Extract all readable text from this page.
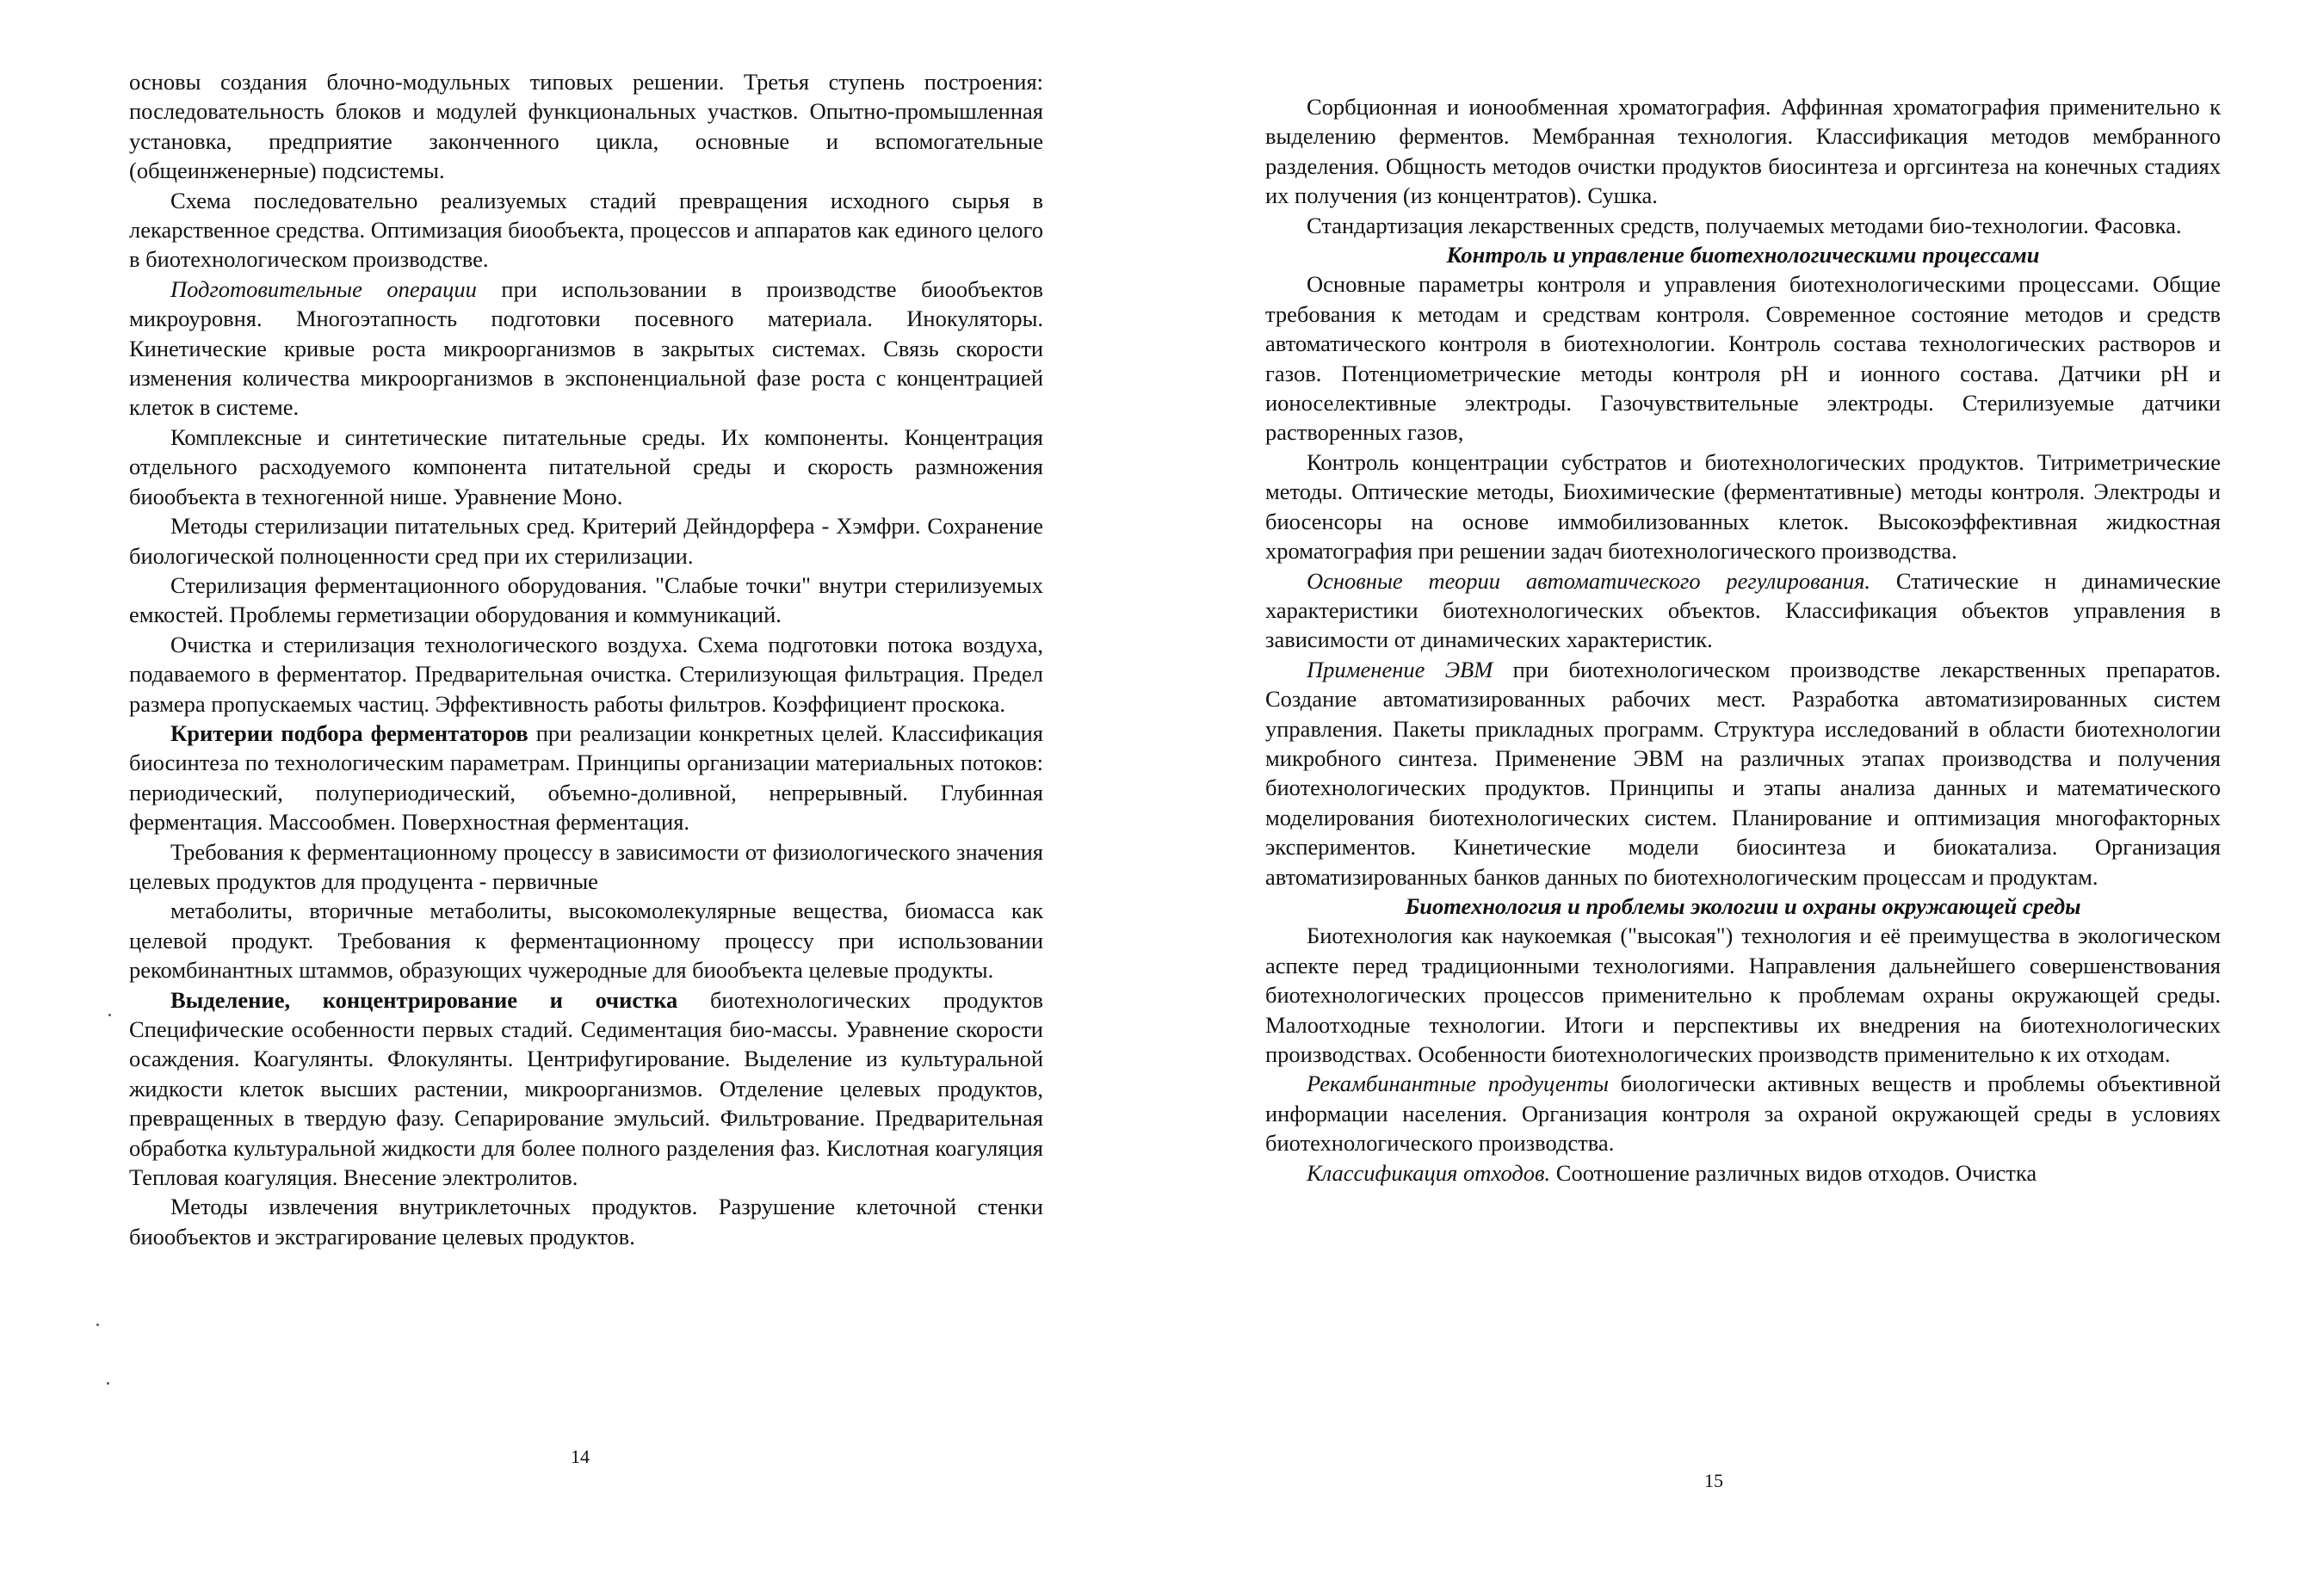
основы создания блочно-модульных типовых решении. Третья ступень построения: последовательность блоков и модулей функциональных участков. Опытно-промышленная установка, предприятие законченного цикла, основные и вспомогательные (общеинженерные) подсистемы.

Схема последовательно реализуемых стадий превращения исходного сырья в лекарственное средства. Оптимизация биообъекта, процессов и аппаратов как единого целого в биотехнологическом производстве.

Подготовительные операции при использовании в производстве биообъектов микроуровня. Многоэтапность подготовки посевного материала. Инокуляторы. Кинетические кривые роста микроорганизмов в закрытых системах. Связь скорости изменения количества микроорганизмов в экспоненциальной фазе роста с концентрацией клеток в системе.

Комплексные и синтетические питательные среды. Их компоненты. Концентрация отдельного расходуемого компонента питательной среды и скорость размножения биообъекта в техногенной нише. Уравнение Моно.

Методы стерилизации питательных сред. Критерий Дейндорфера - Хэмфри. Сохранение биологической полноценности сред при их стерилизации.

Стерилизация ферментационного оборудования. "Слабые точки" внутри стерилизуемых емкостей. Проблемы герметизации оборудования и коммуникаций.

Очистка и стерилизация технологического воздуха. Схема подготовки потока воздуха, подаваемого в ферментатор. Предварительная очистка. Стерилизующая фильтрация. Предел размера пропускаемых частиц. Эффективность работы фильтров. Коэффициент проскока.

Критерии подбора ферментаторов при реализации конкретных целей. Классификация биосинтеза по технологическим параметрам. Принципы организации материальных потоков: периодический, полупериодический, объемно-доливной, непрерывный. Глубинная ферментация. Массообмен. Поверхностная ферментация.

Требования к ферментационному процессу в зависимости от физиологического значения целевых продуктов для продуцента - первичные

метаболиты, вторичные метаболиты, высокомолекулярные вещества, биомасса как целевой продукт. Требования к ферментационному процессу при использовании рекомбинантных штаммов, образующих чужеродные для биообъекта целевые продукты.

Выделение, концентрирование и очистка биотехнологических продуктов Специфические особенности первых стадий. Седиментация био-массы. Уравнение скорости осаждения. Коагулянты. Флокулянты. Центрифугирование. Выделение из культуральной жидкости клеток высших растении, микроорганизмов. Отделение целевых продуктов, превращенных в твердую фазу. Сепарирование эмульсий. Фильтрование. Предварительная обработка культуральной жидкости для более полного разделения фаз. Кислотная коагуляция Тепловая коагуляция. Внесение электролитов.

Методы извлечения внутриклеточных продуктов. Разрушение клеточной стенки биообъектов и экстрагирование целевых продуктов.

14

Сорбционная и ионообменная хроматография. Аффинная хроматография применительно к выделению ферментов. Мембранная технология. Классификация методов мембранного разделения. Общность методов очистки продуктов биосинтеза и оргсинтеза на конечных стадиях их получения (из концентратов). Сушка.

Стандартизация лекарственных средств, получаемых методами био-технологии. Фасовка.

Контроль и управление биотехнологическими процессами

Основные параметры контроля и управления биотехнологическими процессами. Общие требования к методам и средствам контроля. Современное состояние методов и средств автоматического контроля в биотехнологии. Контроль состава технологических растворов и газов. Потенциометрические методы контроля рН и ионного состава. Датчики рН и ионоселективные электроды. Газочувствительные электроды. Стерилизуемые датчики растворенных газов,

Контроль концентрации субстратов и биотехнологических продуктов. Титриметрические методы. Оптические методы, Биохимические (ферментативные) методы контроля. Электроды и биосенсоры на основе иммобилизованных клеток. Высокоэффективная жидкостная хроматография при решении задач биотехнологического производства.

Основные теории автоматического регулирования. Статические н динамические характеристики биотехнологических объектов. Классификация объектов управления в зависимости от динамических характеристик.

Применение ЭВМ при биотехнологическом производстве лекарственных препаратов. Создание автоматизированных рабочих мест. Разработка автоматизированных систем управления. Пакеты прикладных программ. Структура исследований в области биотехнологии микробного синтеза. Применение ЭВМ на различных этапах производства и получения биотехнологических продуктов. Принципы и этапы анализа данных и математического моделирования биотехнологических систем. Планирование и оптимизация многофакторных экспериментов. Кинетические модели биосинтеза и биокатализа. Организация автоматизированных банков данных по биотехнологическим процессам и продуктам.

Биотехнология и проблемы экологии и охраны окружающей среды

Биотехнология как наукоемкая ("высокая") технология и её преимущества в экологическом аспекте перед традиционными технологиями. Направления дальнейшего совершенствования биотехнологических процессов применительно к проблемам охраны окружающей среды. Малоотходные технологии. Итоги и перспективы их внедрения на биотехнологических производствах. Особенности биотехнологических производств применительно к их отходам.

Рекамбинантные продуценты биологически активных веществ и проблемы объективной информации населения. Организация контроля за охраной окружающей среды в условиях биотехнологического производства.

Классификация отходов. Соотношение различных видов отходов. Очистка

15
